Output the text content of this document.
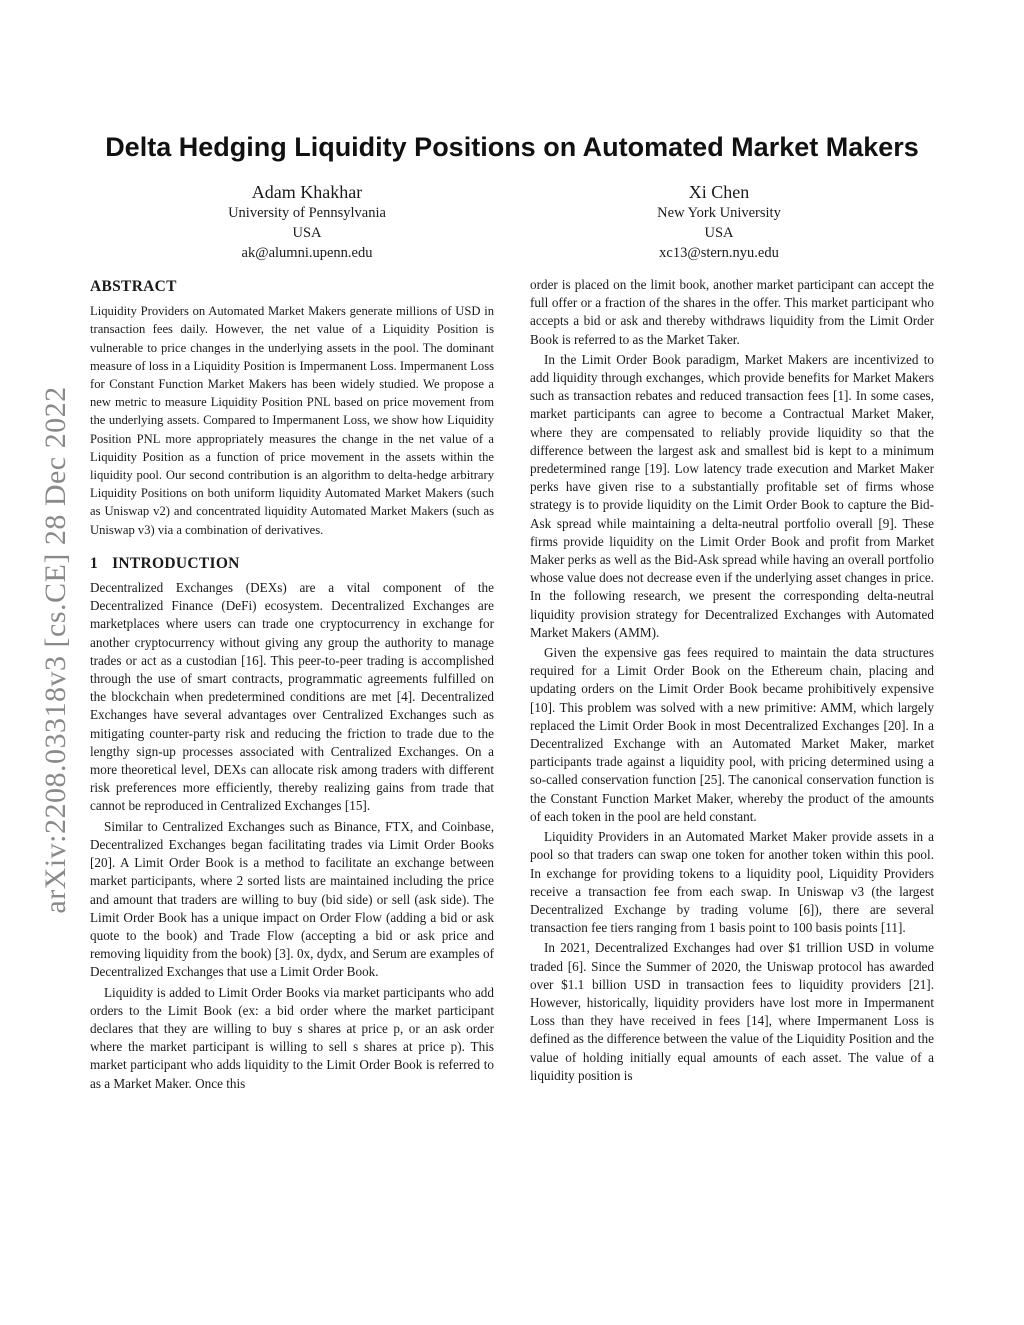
arXiv:2208.03318v3 [cs.CE] 28 Dec 2022
Delta Hedging Liquidity Positions on Automated Market Makers
Adam Khakhar
University of Pennsylvania
USA
ak@alumni.upenn.edu
Xi Chen
New York University
USA
xc13@stern.nyu.edu
ABSTRACT

Liquidity Providers on Automated Market Makers generate millions of USD in transaction fees daily. However, the net value of a Liquidity Position is vulnerable to price changes in the underlying assets in the pool. The dominant measure of loss in a Liquidity Position is Impermanent Loss. Impermanent Loss for Constant Function Market Makers has been widely studied. We propose a new metric to measure Liquidity Position PNL based on price movement from the underlying assets. Compared to Impermanent Loss, we show how Liquidity Position PNL more appropriately measures the change in the net value of a Liquidity Position as a function of price movement in the assets within the liquidity pool. Our second contribution is an algorithm to delta-hedge arbitrary Liquidity Positions on both uniform liquidity Automated Market Makers (such as Uniswap v2) and concentrated liquidity Automated Market Makers (such as Uniswap v3) via a combination of derivatives.

1 INTRODUCTION

Decentralized Exchanges (DEXs) are a vital component of the Decentralized Finance (DeFi) ecosystem. Decentralized Exchanges are marketplaces where users can trade one cryptocurrency in exchange for another cryptocurrency without giving any group the authority to manage trades or act as a custodian [16]. This peer-to-peer trading is accomplished through the use of smart contracts, programmatic agreements fulfilled on the blockchain when predetermined conditions are met [4]. Decentralized Exchanges have several advantages over Centralized Exchanges such as mitigating counter-party risk and reducing the friction to trade due to the lengthy sign-up processes associated with Centralized Exchanges. On a more theoretical level, DEXs can allocate risk among traders with different risk preferences more efficiently, thereby realizing gains from trade that cannot be reproduced in Centralized Exchanges [15].

Similar to Centralized Exchanges such as Binance, FTX, and Coinbase, Decentralized Exchanges began facilitating trades via Limit Order Books [20]. A Limit Order Book is a method to facilitate an exchange between market participants, where 2 sorted lists are maintained including the price and amount that traders are willing to buy (bid side) or sell (ask side). The Limit Order Book has a unique impact on Order Flow (adding a bid or ask quote to the book) and Trade Flow (accepting a bid or ask price and removing liquidity from the book) [3]. 0x, dydx, and Serum are examples of Decentralized Exchanges that use a Limit Order Book.

Liquidity is added to Limit Order Books via market participants who add orders to the Limit Book (ex: a bid order where the market participant declares that they are willing to buy s shares at price p, or an ask order where the market participant is willing to sell s shares at price p). This market participant who adds liquidity to the Limit Order Book is referred to as a Market Maker. Once this

order is placed on the limit book, another market participant can accept the full offer or a fraction of the shares in the offer. This market participant who accepts a bid or ask and thereby withdraws liquidity from the Limit Order Book is referred to as the Market Taker.

In the Limit Order Book paradigm, Market Makers are incentivized to add liquidity through exchanges, which provide benefits for Market Makers such as transaction rebates and reduced transaction fees [1]. In some cases, market participants can agree to become a Contractual Market Maker, where they are compensated to reliably provide liquidity so that the difference between the largest ask and smallest bid is kept to a minimum predetermined range [19]. Low latency trade execution and Market Maker perks have given rise to a substantially profitable set of firms whose strategy is to provide liquidity on the Limit Order Book to capture the Bid-Ask spread while maintaining a delta-neutral portfolio overall [9]. These firms provide liquidity on the Limit Order Book and profit from Market Maker perks as well as the Bid-Ask spread while having an overall portfolio whose value does not decrease even if the underlying asset changes in price. In the following research, we present the corresponding delta-neutral liquidity provision strategy for Decentralized Exchanges with Automated Market Makers (AMM).

Given the expensive gas fees required to maintain the data structures required for a Limit Order Book on the Ethereum chain, placing and updating orders on the Limit Order Book became prohibitively expensive [10]. This problem was solved with a new primitive: AMM, which largely replaced the Limit Order Book in most Decentralized Exchanges [20]. In a Decentralized Exchange with an Automated Market Maker, market participants trade against a liquidity pool, with pricing determined using a so-called conservation function [25]. The canonical conservation function is the Constant Function Market Maker, whereby the product of the amounts of each token in the pool are held constant.

Liquidity Providers in an Automated Market Maker provide assets in a pool so that traders can swap one token for another token within this pool. In exchange for providing tokens to a liquidity pool, Liquidity Providers receive a transaction fee from each swap. In Uniswap v3 (the largest Decentralized Exchange by trading volume [6]), there are several transaction fee tiers ranging from 1 basis point to 100 basis points [11].

In 2021, Decentralized Exchanges had over $1 trillion USD in volume traded [6]. Since the Summer of 2020, the Uniswap protocol has awarded over $1.1 billion USD in transaction fees to liquidity providers [21]. However, historically, liquidity providers have lost more in Impermanent Loss than they have received in fees [14], where Impermanent Loss is defined as the difference between the value of the Liquidity Position and the value of holding initially equal amounts of each asset. The value of a liquidity position is
